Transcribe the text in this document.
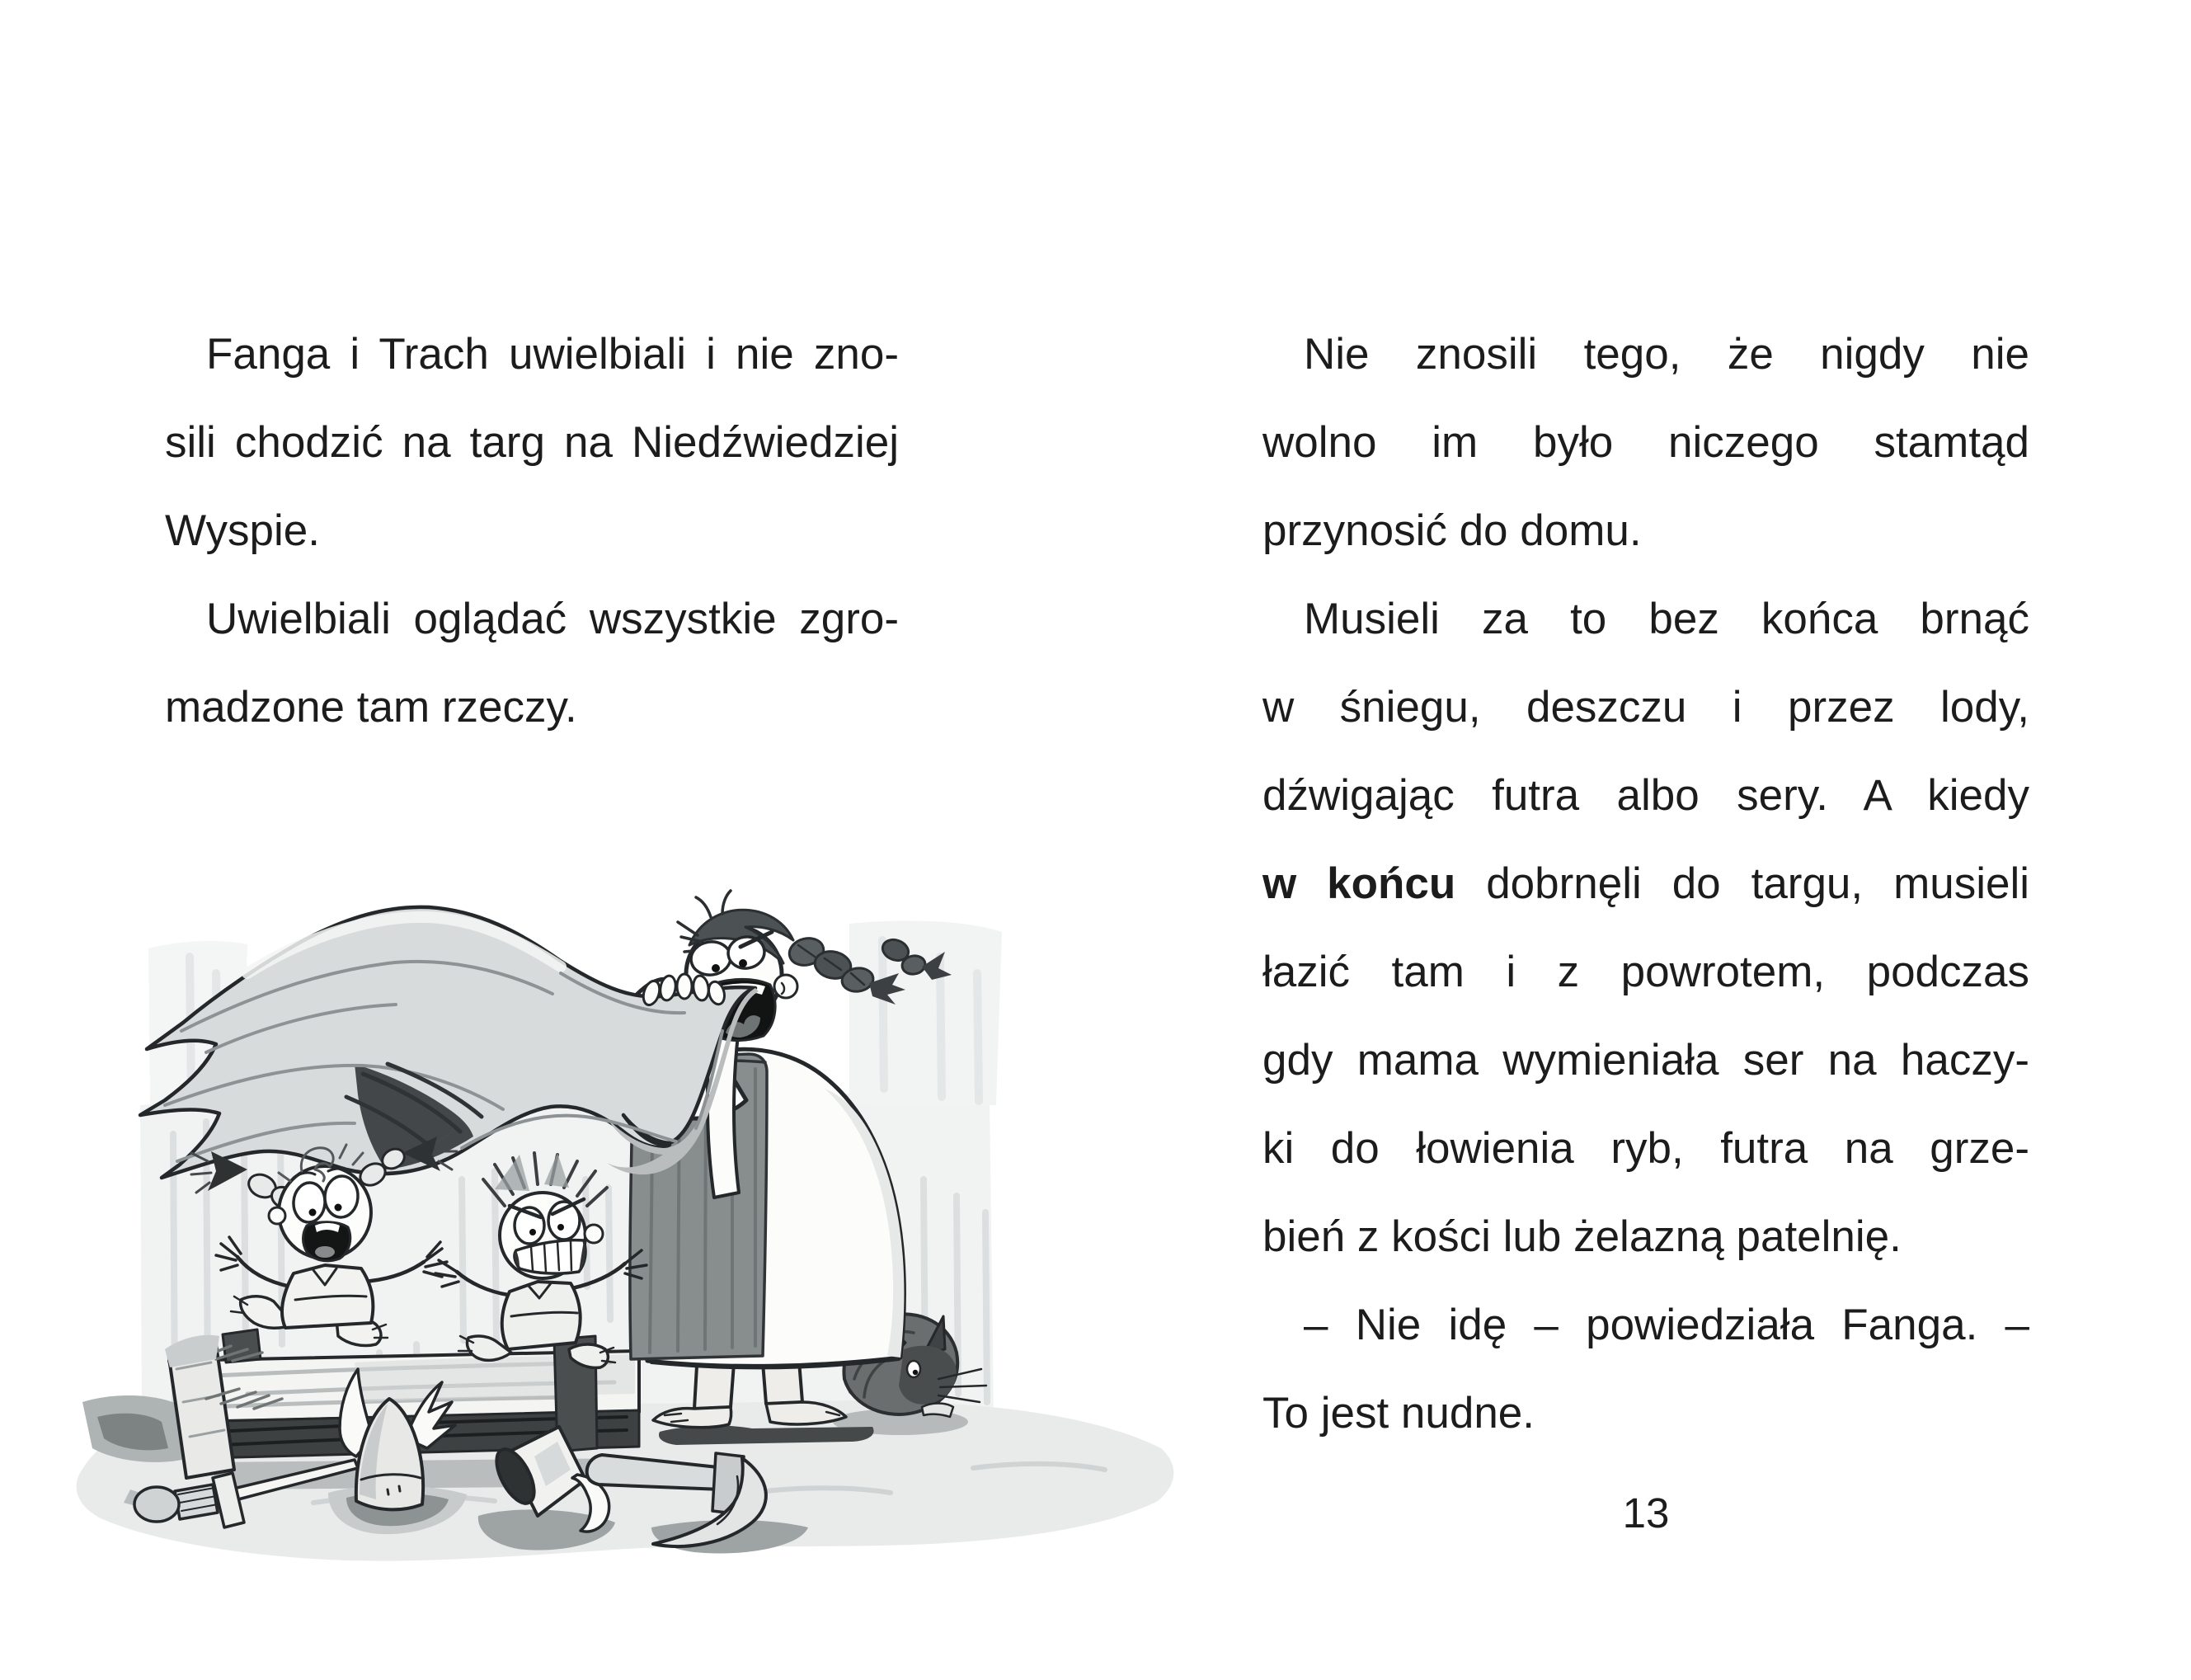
Fanga i Trach uwielbiali i nie zno-
sili chodzić na targ na Niedźwiedziej
Wyspie.
Uwielbiali oglądać wszystkie zgro-
madzone tam rzeczy.
Nie znosili tego, że nigdy nie
wolno im było niczego stamtąd
przynosić do domu.
Musieli za to bez końca brnąć
w śniegu, deszczu i przez lody,
dźwigając futra albo sery. A kiedy
w końcu dobrnęli do targu, musieli
łazić tam i z powrotem, podczas
gdy mama wymieniała ser na haczy-
ki do łowienia ryb, futra na grze-
bień z kości lub żelazną patelnię.
– Nie idę – powiedziała Fanga. –
To jest nudne.
13
